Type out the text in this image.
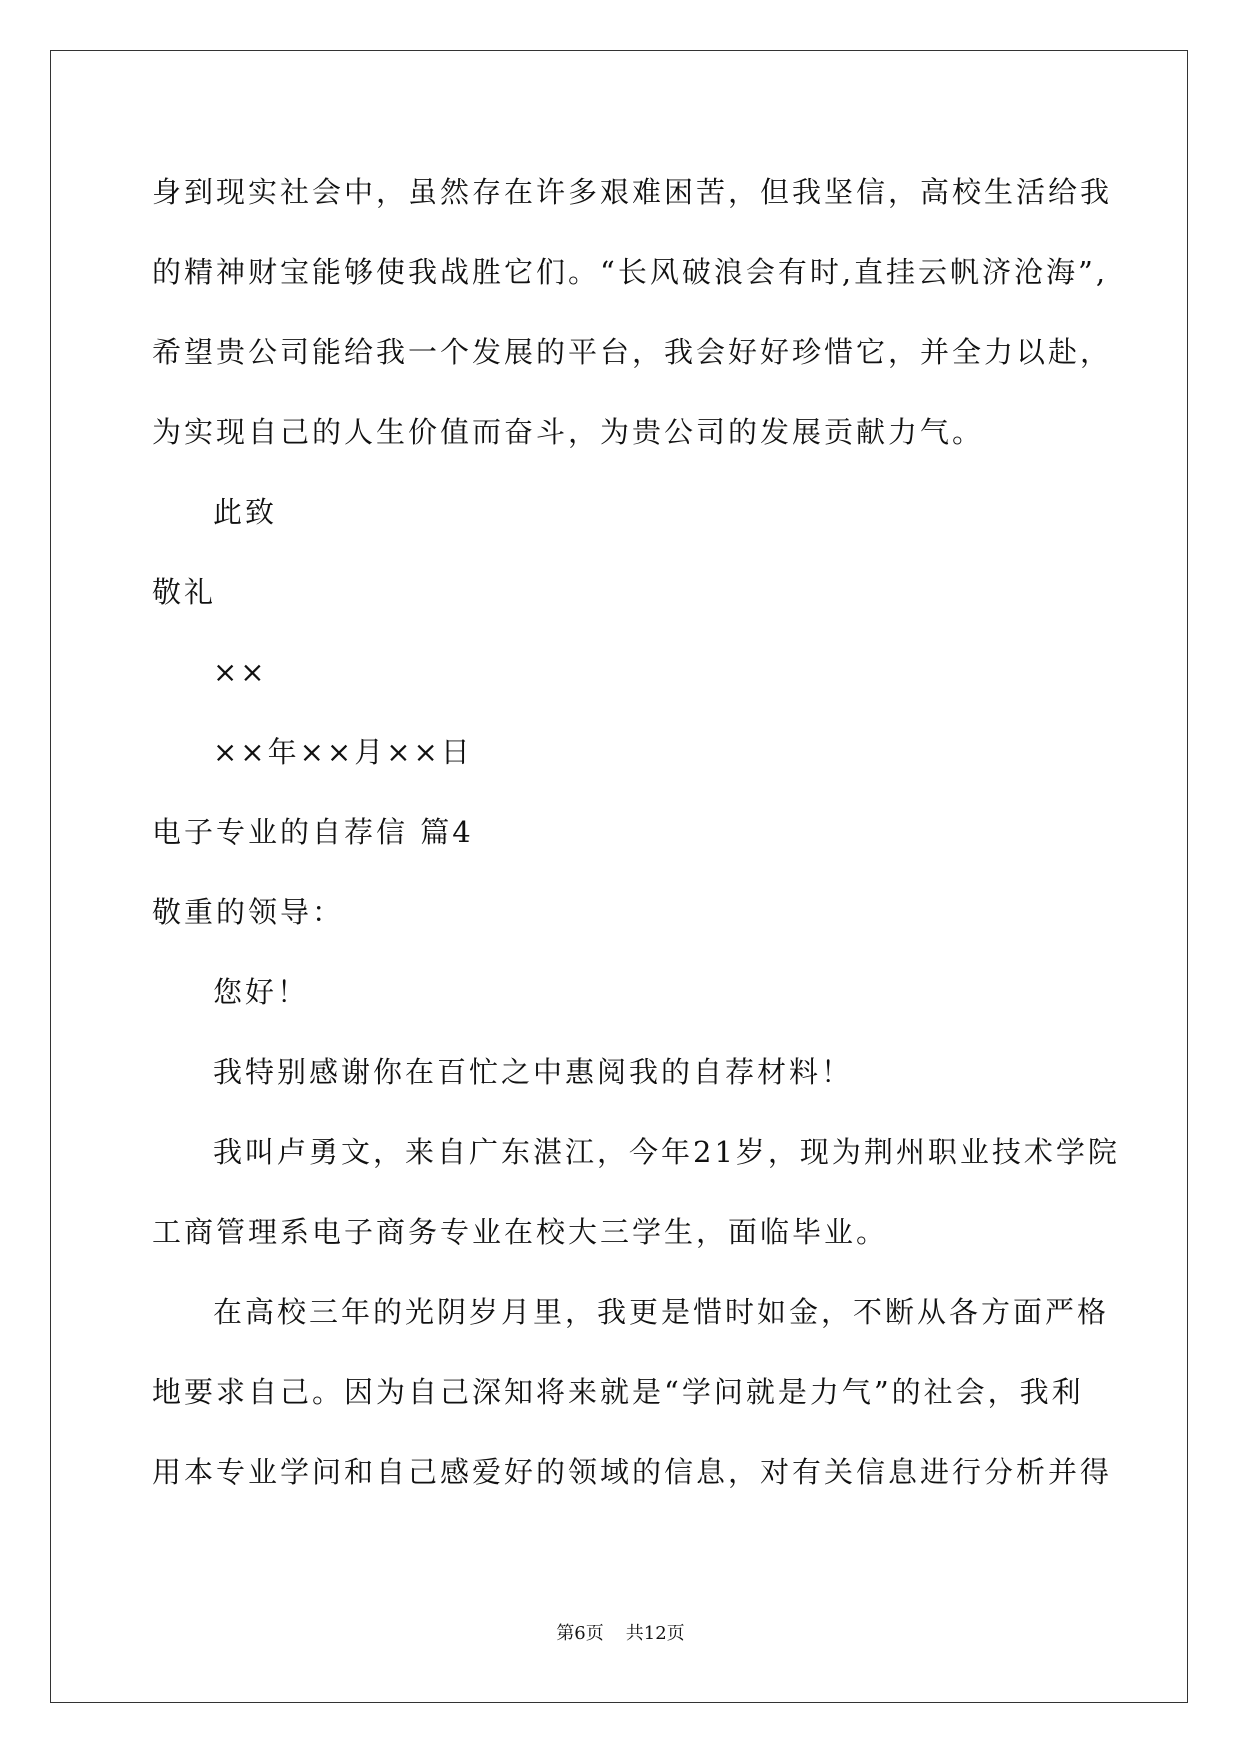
身到现实社会中，虽然存在许多艰难困苦，但我坚信，高校生活给我

的精神财宝能够使我战胜它们。“长风破浪会有时,直挂云帆济沧海”,

希望贵公司能给我一个发展的平台，我会好好珍惜它，并全力以赴，

为实现自己的人生价值而奋斗，为贵公司的发展贡献力气。

此致

敬礼

××

××年××月××日

电子专业的自荐信 篇4

敬重的领导：

您好！

我特别感谢你在百忙之中惠阅我的自荐材料！

我叫卢勇文，来自广东湛江，今年21岁，现为荆州职业技术学院

工商管理系电子商务专业在校大三学生，面临毕业。

在高校三年的光阴岁月里，我更是惜时如金，不断从各方面严格

地要求自己。因为自己深知将来就是“学问就是力气”的社会，我利

用本专业学问和自己感爱好的领域的信息，对有关信息进行分析并得

第6页 共12页
